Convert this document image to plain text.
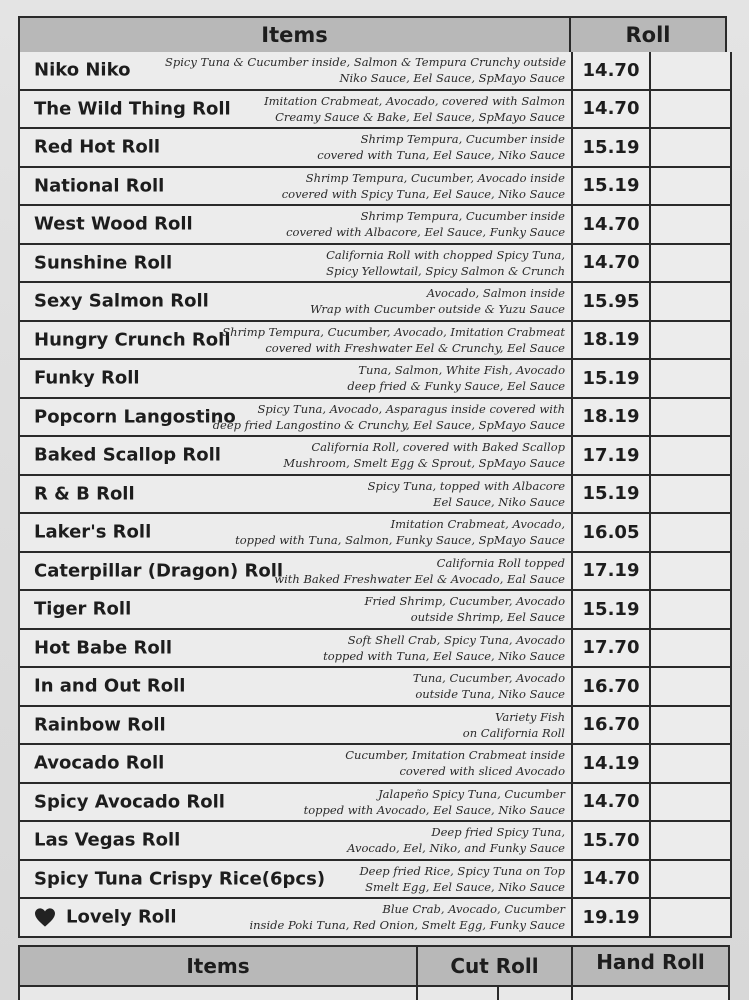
Items	Roll
Niko Niko	Spicy Tuna & Cucumber inside, Salmon & Tempura Crunchy outside
Niko Sauce, Eel Sauce, SpMayo Sauce 14.70
The Wild Thing Roll	Imitation Crabmeat, Avocado, covered with Salmon
Creamy Sauce & Bake, Eel Sauce, SpMayo Sauce 14.70
Red Hot Roll	Shrimp Tempura, Cucumber inside
covered with Tuna, Eel Sauce, Niko Sauce 15.19
National Roll	Shrimp Tempura, Cucumber, Avocado inside
covered with Spicy Tuna, Eel Sauce, Niko Sauce 15.19
West Wood Roll	Shrimp Tempura, Cucumber inside
covered with Albacore, Eel Sauce, Funky Sauce 14.70
Sunshine Roll	California Roll with chopped Spicy Tuna,
Spicy Yellowtail, Spicy Salmon & Crunch 14.70
Sexy Salmon Roll	Avocado, Salmon inside
Wrap with Cucumber outside & Yuzu Sauce 15.95
Hungry Crunch Roll
Shrimp Tempura, Cucumber, Avocado, Imitation Crabmeat
covered with Freshwater Eel & Crunchy, Eel Sauce 18.19
Funky Roll	Tuna, Salmon, White Fish, Avocado
deep fried & Funky Sauce, Eel Sauce 15.19
Popcorn Langostino	Spicy Tuna, Avocado, Asparagus inside covered with
deep fried Langostino & Crunchy, Eel Sauce, SpMayo Sauce 18.19
Baked Scallop Roll	California Roll, covered with Baked Scallop
Mushroom, Smelt Egg & Sprout, SpMayo Sauce 17.19
R & B Roll	Spicy Tuna, topped with Albacore
Eel Sauce, Niko Sauce 15.19
Laker's Roll	Imitation Crabmeat, Avocado,
topped with Tuna, Salmon, Funky Sauce, SpMayo Sauce 16.05
Caterpillar (Dragon) Roll	California Roll topped
with Baked Freshwater Eel & Avocado, Eal Sauce 17.19
Tiger Roll	Fried Shrimp, Cucumber, Avocado
outside Shrimp, Eel Sauce 15.19
Hot Babe Roll	Soft Shell Crab, Spicy Tuna, Avocado
topped with Tuna, Eel Sauce, Niko Sauce 17.70
In and Out Roll	Tuna, Cucumber, Avocado
outside Tuna, Niko Sauce 16.70
Rainbow Roll	Variety Fish
on California Roll 16.70
Avocado Roll	Cucumber, Imitation Crabmeat inside
covered with sliced Avocado 14.19
Spicy Avocado Roll	Jalapeño Spicy Tuna, Cucumber
topped with Avocado, Eel Sauce, Niko Sauce 14.70
Las Vegas Roll	Deep fried Spicy Tuna,
Avocado, Eel, Niko, and Funky Sauce 15.70
Spicy Tuna Crispy Rice(6pcs)	Deep fried Rice, Spicy Tuna on Top
Smelt Egg, Eel Sauce, Niko Sauce 14.70
Lovely Roll	Blue Crab, Avocado, Cucumber
inside Poki Tuna, Red Onion, Smelt Egg, Funky Sauce 19.19
Items	Cut Roll	Hand Roll
